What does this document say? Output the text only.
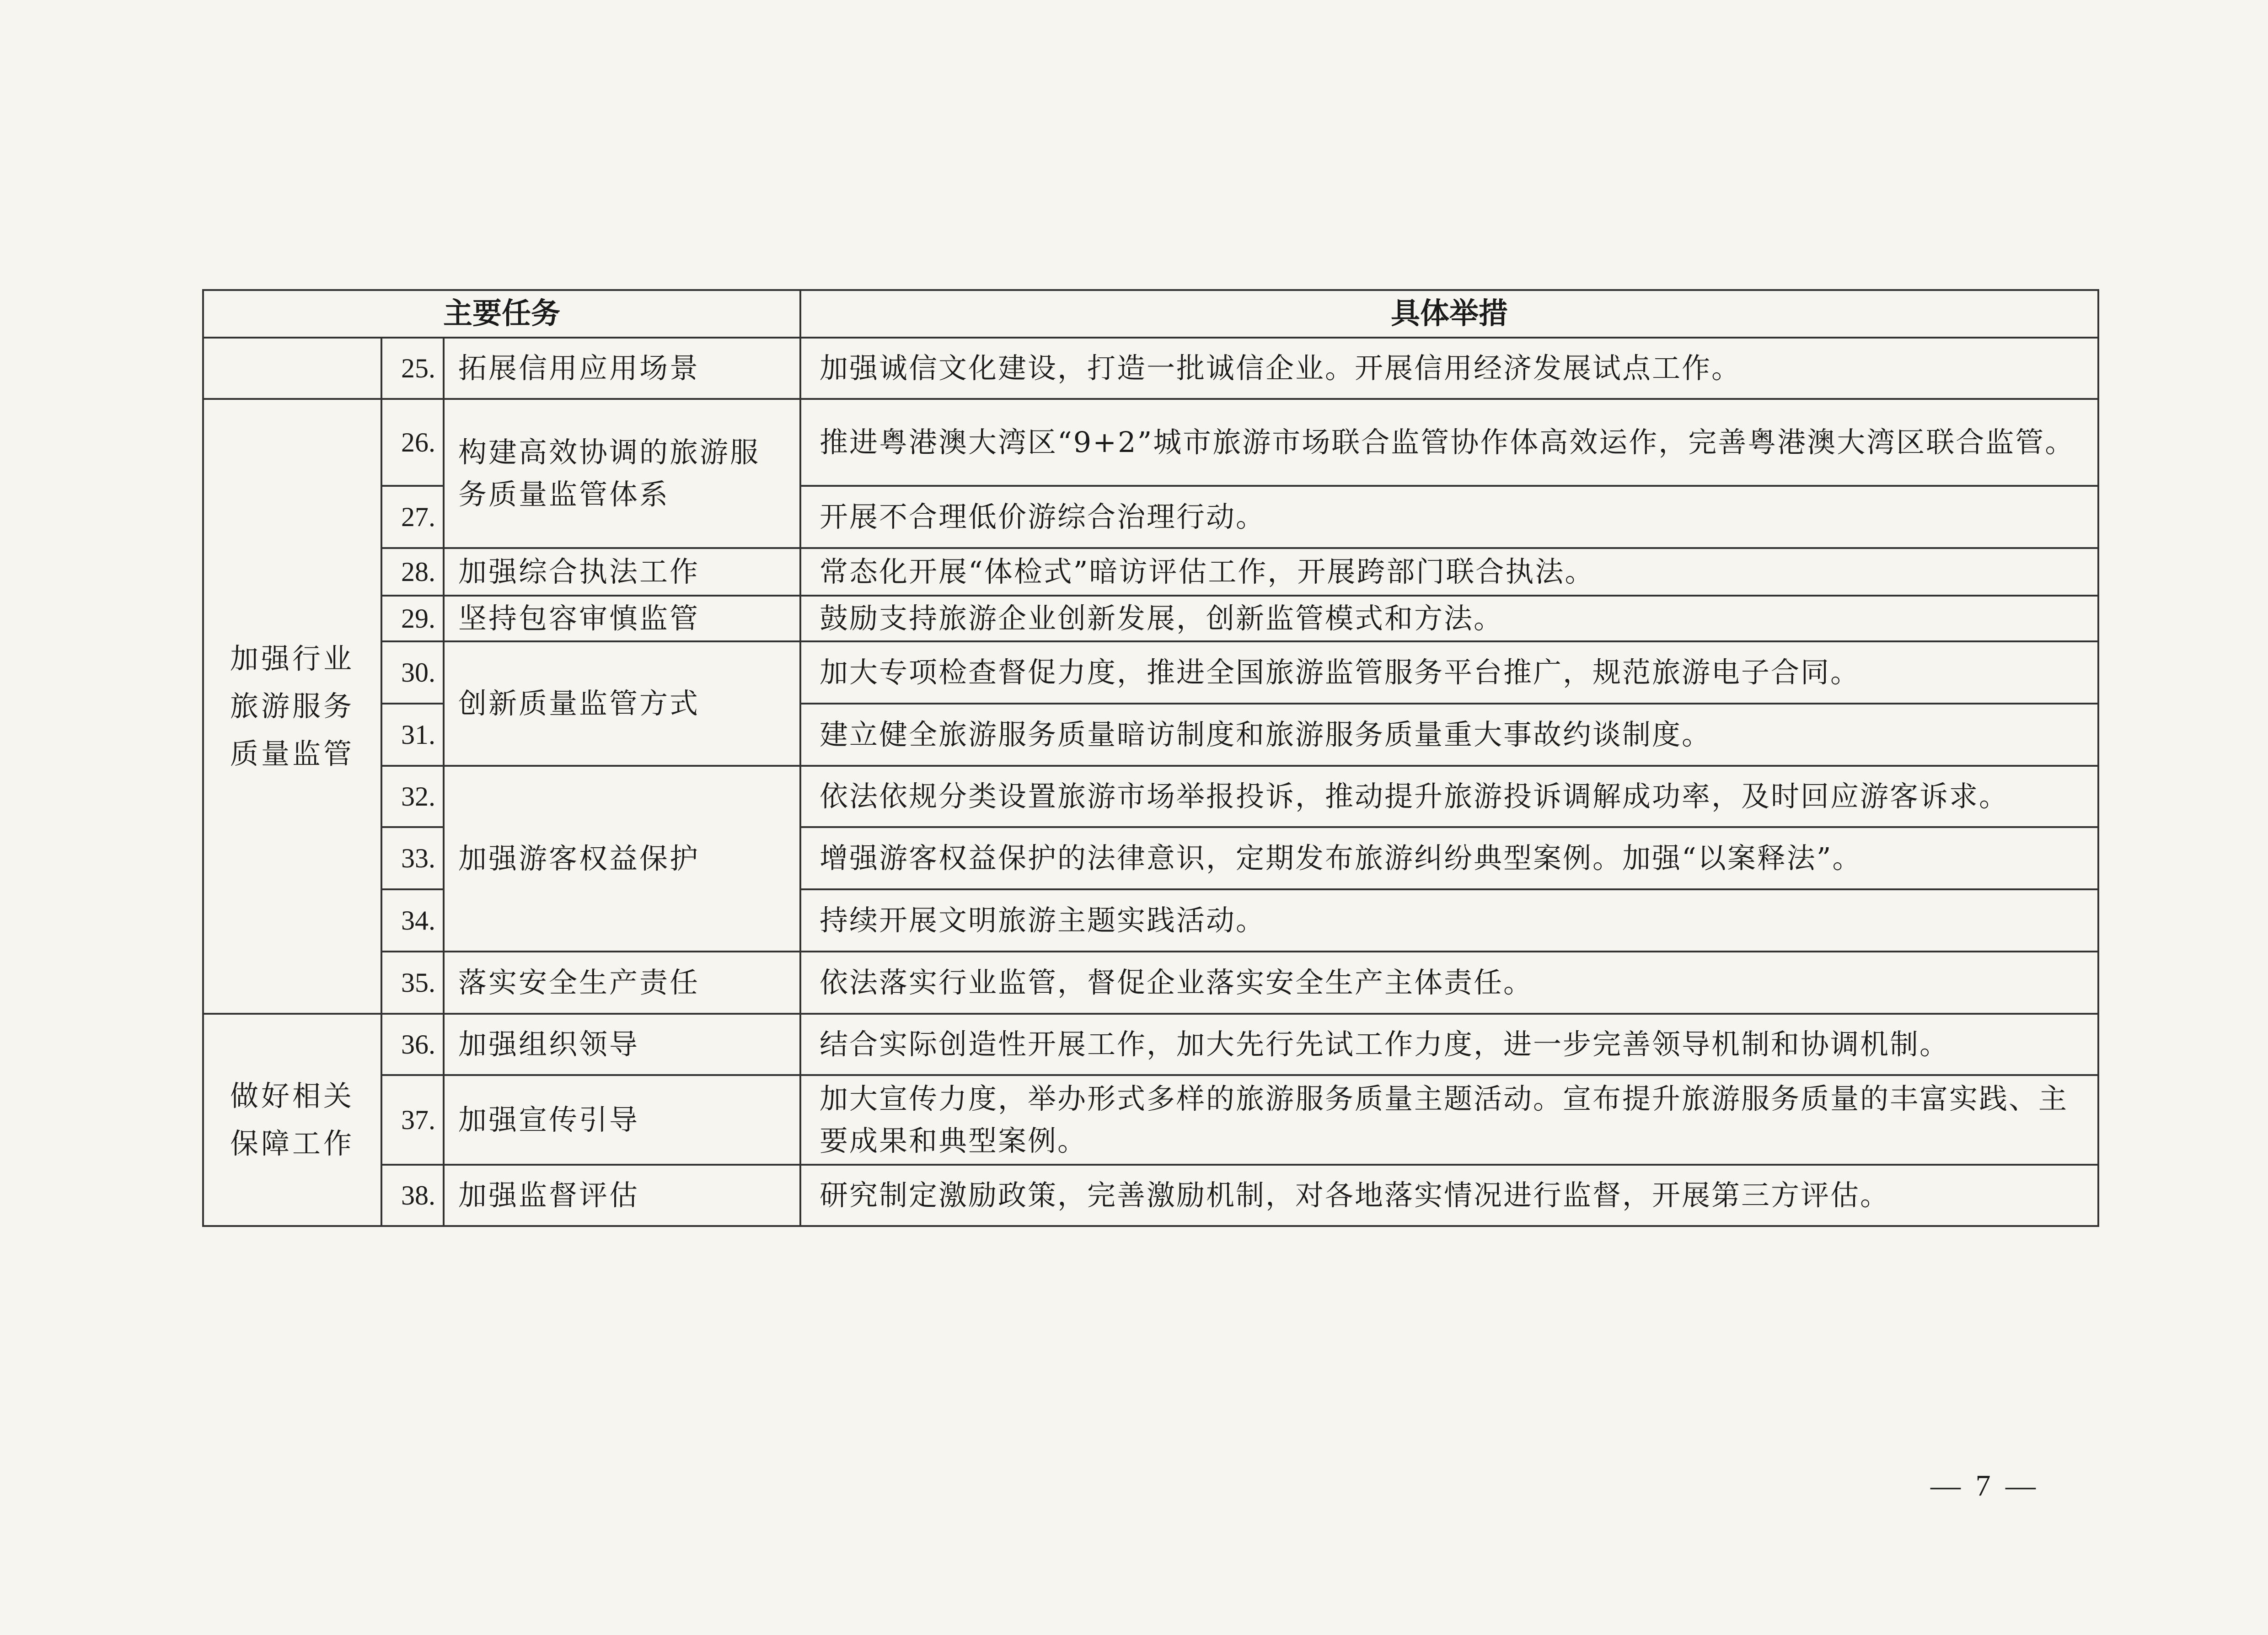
主要任务			具体举措
	25.	拓展信用应用场景	加强诚信文化建设，打造一批诚信企业。开展信用经济发展试点工作。
加强行业旅游服务质量监管	26.	构建高效协调的旅游服务质量监管体系	推进粤港澳大湾区“9+2”城市旅游市场联合监管协作体高效运作，完善粤港澳大湾区联合监管。
	27.		开展不合理低价游综合治理行动。
	28.	加强综合执法工作	常态化开展“体检式”暗访评估工作，开展跨部门联合执法。
	29.	坚持包容审慎监管	鼓励支持旅游企业创新发展，创新监管模式和方法。
	30.	创新质量监管方式	加大专项检查督促力度，推进全国旅游监管服务平台推广，规范旅游电子合同。
	31.		建立健全旅游服务质量暗访制度和旅游服务质量重大事故约谈制度。
	32.	加强游客权益保护	依法依规分类设置旅游市场举报投诉，推动提升旅游投诉调解成功率，及时回应游客诉求。
	33.		增强游客权益保护的法律意识，定期发布旅游纠纷典型案例。加强“以案释法”。
	34.		持续开展文明旅游主题实践活动。
	35.	落实安全生产责任	依法落实行业监管，督促企业落实安全生产主体责任。
做好相关保障工作	36.	加强组织领导	结合实际创造性开展工作，加大先行先试工作力度，进一步完善领导机制和协调机制。
	37.	加强宣传引导	加大宣传力度，举办形式多样的旅游服务质量主题活动。宣布提升旅游服务质量的丰富实践、主要成果和典型案例。
	38.	加强监督评估	研究制定激励政策，完善激励机制，对各地落实情况进行监督，开展第三方评估。
— 7 —
